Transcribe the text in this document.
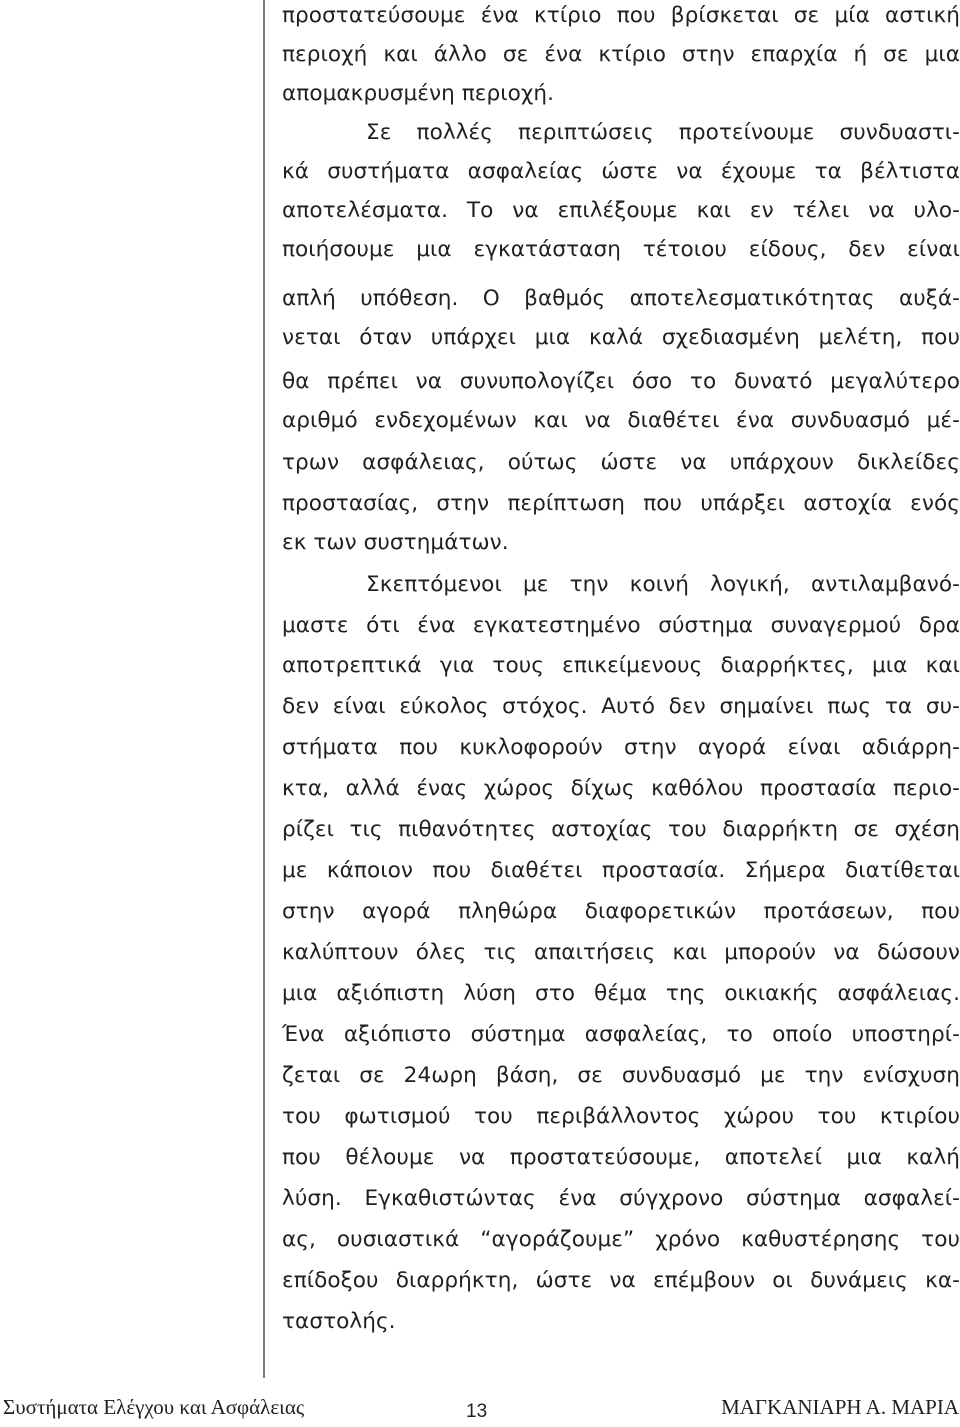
προστατεύσουμε ένα κτίριο που βρίσκεται σε μία αστική
περιοχή και άλλο σε ένα κτίριο στην επαρχία ή σε μια
απομακρυσμένη περιοχή.
Σε πολλές περιπτώσεις προτείνουμε συνδυαστι-
κά συστήματα ασφαλείας ώστε να έχουμε τα βέλτιστα
αποτελέσματα. Το να επιλέξουμε και εν τέλει να υλο-
ποιήσουμε μια εγκατάσταση τέτοιου είδους, δεν είναι
απλή υπόθεση. Ο βαθμός αποτελεσματικότητας αυξά-
νεται όταν υπάρχει μια καλά σχεδιασμένη μελέτη, που
θα πρέπει να συνυπολογίζει όσο το δυνατό μεγαλύτερο
αριθμό ενδεχομένων και να διαθέτει ένα συνδυασμό μέ-
τρων ασφάλειας, ούτως ώστε να υπάρχουν δικλείδες
προστασίας, στην περίπτωση που υπάρξει αστοχία ενός
εκ των συστημάτων.
Σκεπτόμενοι με την κοινή λογική, αντιλαμβανό-
μαστε ότι ένα εγκατεστημένο σύστημα συναγερμού δρα
αποτρεπτικά για τους επικείμενους διαρρήκτες, μια και
δεν είναι εύκολος στόχος. Αυτό δεν σημαίνει πως τα συ-
στήματα που κυκλοφορούν στην αγορά είναι αδιάρρη-
κτα, αλλά ένας χώρος δίχως καθόλου προστασία περιο-
ρίζει τις πιθανότητες αστοχίας του διαρρήκτη σε σχέση
με κάποιον που διαθέτει προστασία. Σήμερα διατίθεται
στην αγορά πληθώρα διαφορετικών προτάσεων, που
καλύπτουν όλες τις απαιτήσεις και μπορούν να δώσουν
μια αξιόπιστη λύση στο θέμα της οικιακής ασφάλειας.
Ένα αξιόπιστο σύστημα ασφαλείας, το οποίο υποστηρί-
ζεται σε 24ωρη βάση, σε συνδυασμό με την ενίσχυση
του φωτισμού του περιβάλλοντος χώρου του κτιρίου
που θέλουμε να προστατεύσουμε, αποτελεί μια καλή
λύση. Εγκαθιστώντας ένα σύγχρονο σύστημα ασφαλεί-
ας, ουσιαστικά “αγοράζουμε” χρόνο καθυστέρησης του
επίδοξου διαρρήκτη, ώστε να επέμβουν οι δυνάμεις κα-
ταστολής.
Συστήματα Ελέγχου και Ασφάλειας	13	ΜΑΓΚΑΝΙΑΡΗ Α. ΜΑΡΙΑ
